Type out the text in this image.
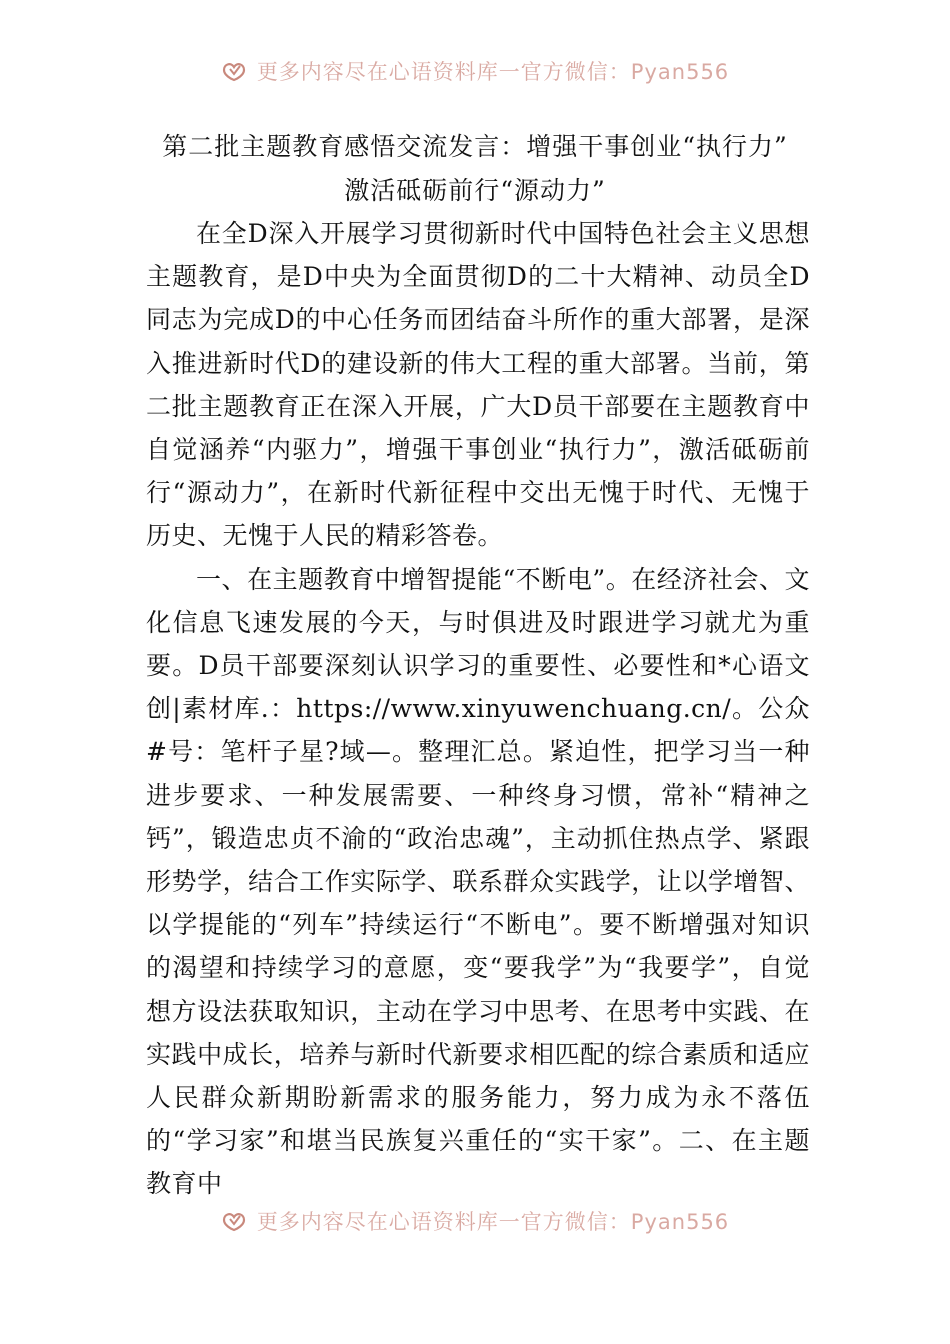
更多内容尽在心语资料库一官方微信：Pyan556
第二批主题教育感悟交流发言：增强干事创业“执行力”
激活砥砺前行“源动力”

在全D深入开展学习贯彻新时代中国特色社会主义思想主题教育，是D中央为全面贯彻D的二十大精神、动员全D同志为完成D的中心任务而团结奋斗所作的重大部署，是深入推进新时代D的建设新的伟大工程的重大部署。当前，第二批主题教育正在深入开展，广大D员干部要在主题教育中自觉涵养“内驱力”，增强干事创业“执行力”，激活砥砺前行“源动力”，在新时代新征程中交出无愧于时代、无愧于历史、无愧于人民的精彩答卷。

一、在主题教育中增智提能“不断电”。在经济社会、文化信息飞速发展的今天，与时俱进及时跟进学习就尤为重要。D员干部要深刻认识学习的重要性、必要性和*心语文创|素材库.：https://www.xinyuwenchuang.cn/。公众#号：笔杆子星?域—。整理汇总。紧迫性，把学习当一种进步要求、一种发展需要、一种终身习惯，常补“精神之钙”，锻造忠贞不渝的“政治忠魂”，主动抓住热点学、紧跟形势学，结合工作实际学、联系群众实践学，让以学增智、以学提能的“列车”持续运行“不断电”。要不断增强对知识的渴望和持续学习的意愿，变“要我学”为“我要学”，自觉想方设法获取知识，主动在学习中思考、在思考中实践、在实践中成长，培养与新时代新要求相匹配的综合素质和适应人民群众新期盼新需求的服务能力，努力成为永不落伍的“学习家”和堪当民族复兴重任的“实干家”。二、在主题教育中

更多内容尽在心语资料库一官方微信：Pyan556
